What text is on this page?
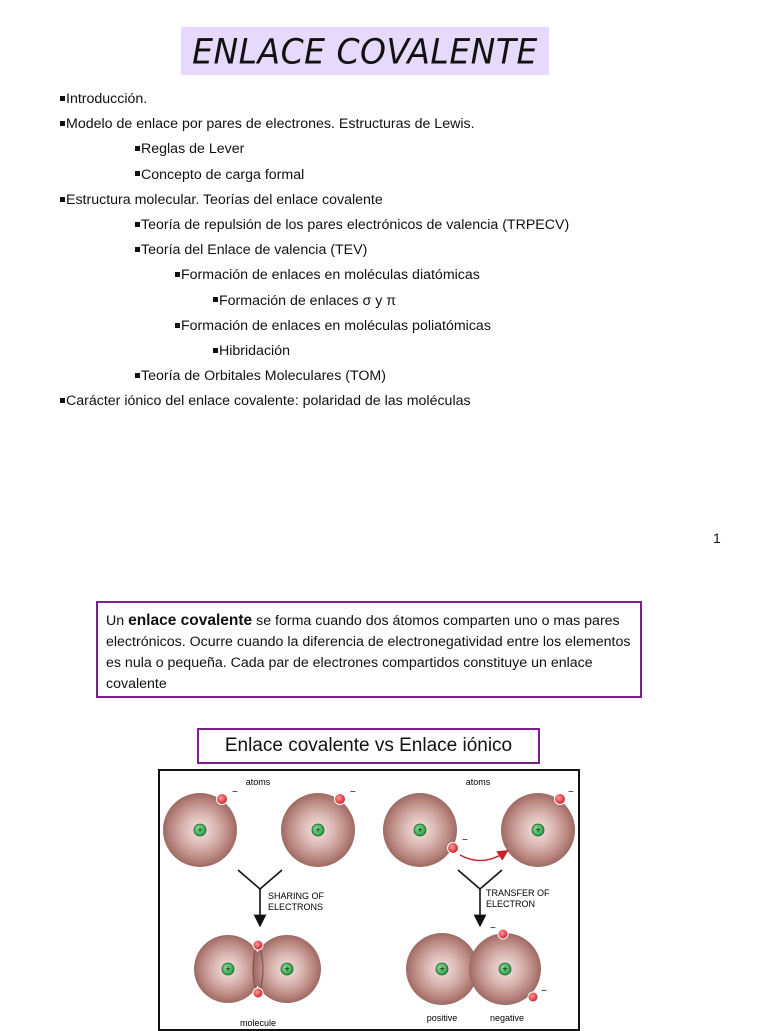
ENLACE COVALENTE
Introducción.
Modelo de enlace por pares de electrones. Estructuras de Lewis.
Reglas de Lever
Concepto de carga formal
Estructura molecular. Teorías del enlace covalente
Teoría de repulsión de los pares electrónicos de valencia (TRPECV)
Teoría del Enlace de valencia (TEV)
Formación de enlaces en moléculas diatómicas
Formación de enlaces σ y π
Formación de enlaces en moléculas poliatómicas
Hibridación
Teoría de Orbitales Moleculares (TOM)
Carácter iónico del enlace covalente: polaridad de las moléculas
1
Un enlace covalente se forma cuando dos átomos comparten uno o mas pares electrónicos. Ocurre cuando la diferencia de electronegatividad entre los elementos es nula o pequeña. Cada par de electrones compartidos constituye un enlace covalente
Enlace covalente vs Enlace iónico
atoms
+
−
+
−
SHARING OF
ELECTRONS
+	+
molecule
atoms
+
−
+
−
TRANSFER OF
ELECTRON
+	+
−
−
positive	negative
